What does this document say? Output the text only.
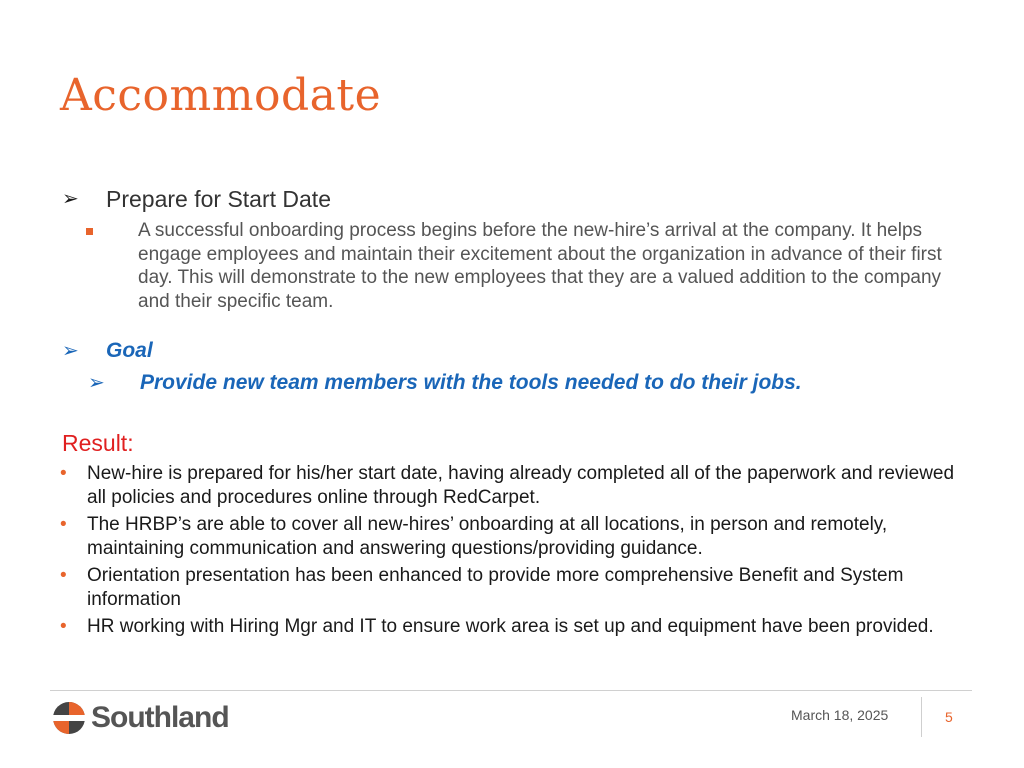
Accommodate
➢	Prepare for Start Date
A successful onboarding process begins before the new-hire’s arrival at the company. It helps engage employees and maintain their excitement about the organization in advance of their first day. This will demonstrate to the new employees that they are a valued addition to the company and their specific team.
➢	Goal
➢	Provide new team members with the tools needed to do their jobs.
Result:
•	New-hire is prepared for his/her start date, having already completed all of the paperwork and reviewed all policies and procedures online through RedCarpet.
•	The HRBP’s are able to cover all new-hires’ onboarding at all locations, in person and remotely, maintaining communication and answering questions/providing guidance.
•	Orientation presentation has been enhanced to provide more comprehensive Benefit and System information
•	HR working with Hiring Mgr and IT to ensure work area is set up and equipment have been provided.
Southland	March 18, 2025	5
